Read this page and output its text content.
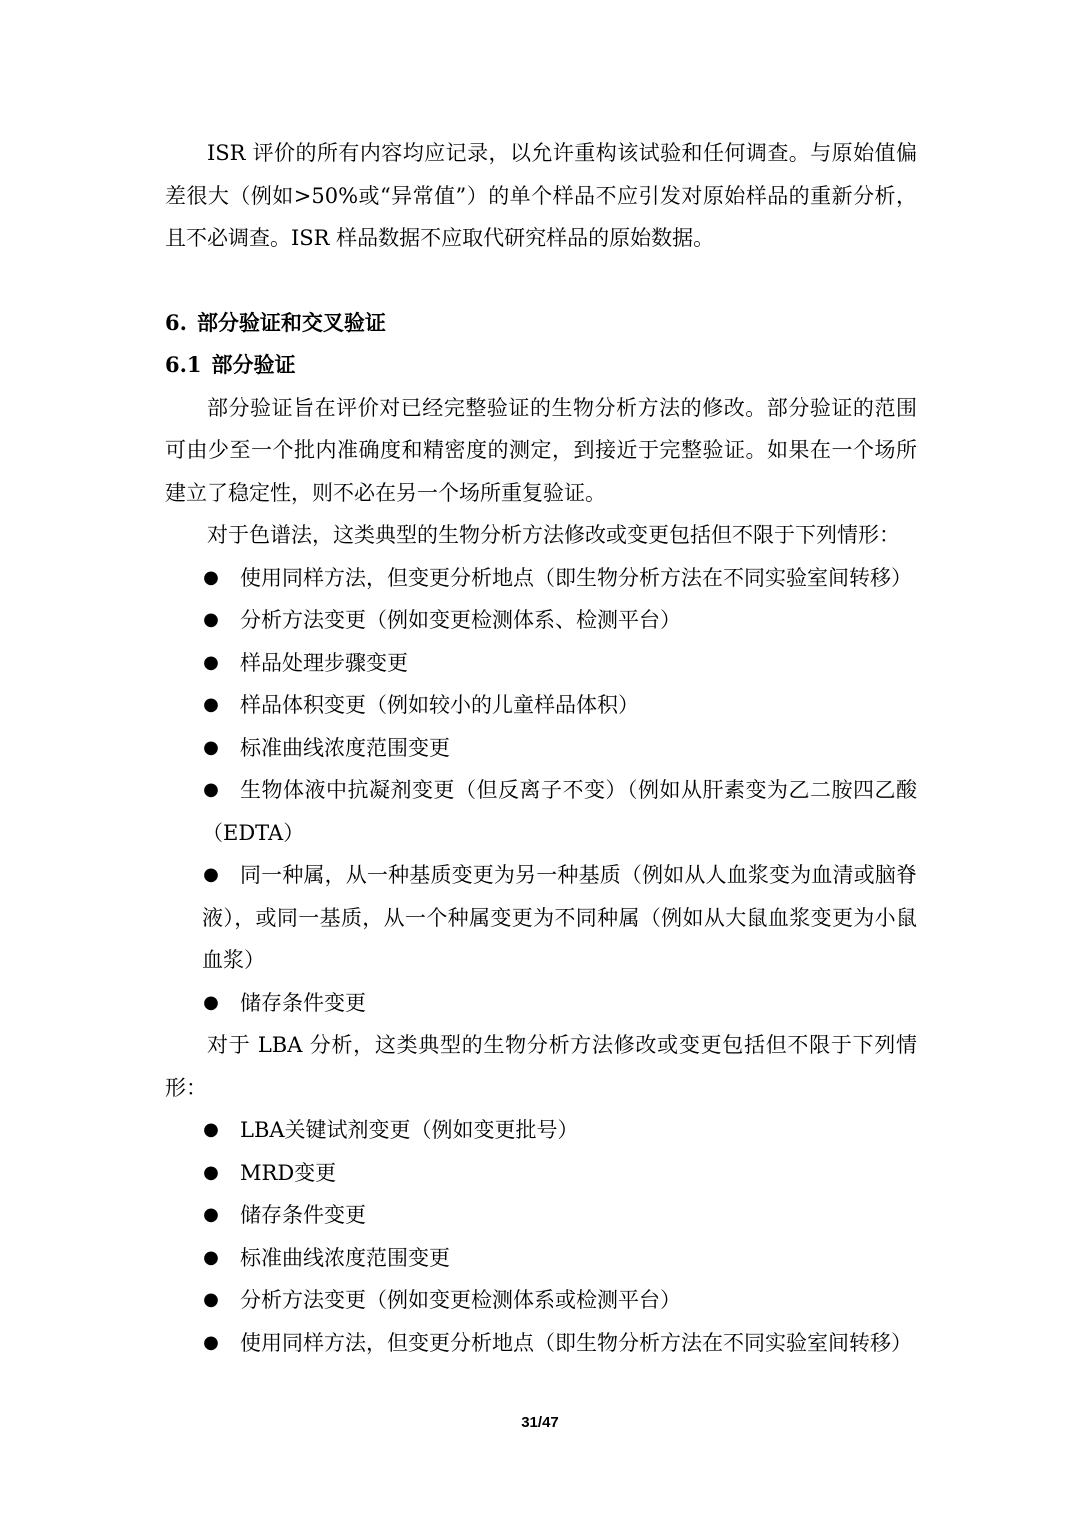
ISR 评价的所有内容均应记录，以允许重构该试验和任何调查。与原始值偏差很大（例如>50%或“异常值”）的单个样品不应引发对原始样品的重新分析，且不必调查。ISR 样品数据不应取代研究样品的原始数据。

6. 部分验证和交叉验证

6.1 部分验证

部分验证旨在评价对已经完整验证的生物分析方法的修改。部分验证的范围可由少至一个批内准确度和精密度的测定，到接近于完整验证。如果在一个场所建立了稳定性，则不必在另一个场所重复验证。

对于色谱法，这类典型的生物分析方法修改或变更包括但不限于下列情形：

● 使用同样方法，但变更分析地点（即生物分析方法在不同实验室间转移）

● 分析方法变更（例如变更检测体系、检测平台）

● 样品处理步骤变更

● 样品体积变更（例如较小的儿童样品体积）

● 标准曲线浓度范围变更

● 生物体液中抗凝剂变更（但反离子不变）（例如从肝素变为乙二胺四乙酸（EDTA）

● 同一种属，从一种基质变更为另一种基质（例如从人血浆变为血清或脑脊液），或同一基质，从一个种属变更为不同种属（例如从大鼠血浆变更为小鼠血浆）

● 储存条件变更

对于 LBA 分析，这类典型的生物分析方法修改或变更包括但不限于下列情形：

● LBA关键试剂变更（例如变更批号）

● MRD变更

● 储存条件变更

● 标准曲线浓度范围变更

● 分析方法变更（例如变更检测体系或检测平台）

● 使用同样方法，但变更分析地点（即生物分析方法在不同实验室间转移）

31/47
